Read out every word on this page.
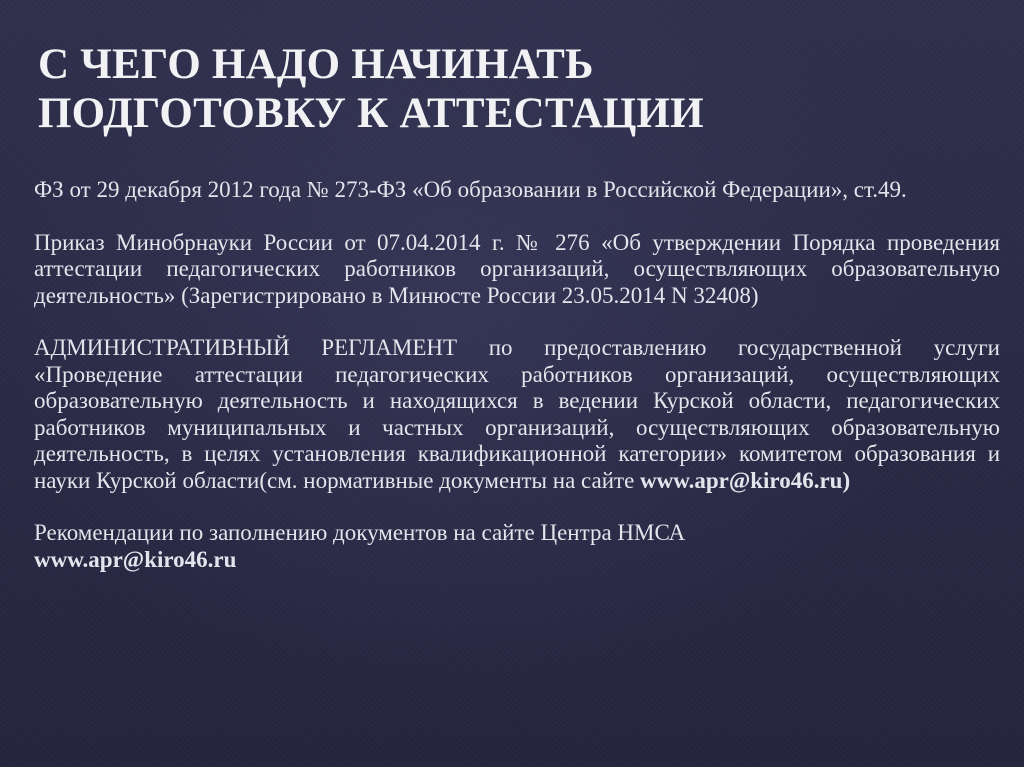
С ЧЕГО НАДО НАЧИНАТЬ
ПОДГОТОВКУ К АТТЕСТАЦИИ

ФЗ от 29 декабря 2012 года № 273-ФЗ «Об образовании в Российской Федерации», ст.49.

Приказ Минобрнауки России от 07.04.2014 г. № 276 «Об утверждении Порядка проведения аттестации педагогических работников организаций, осуществляющих образовательную деятельность» (Зарегистрировано в Минюсте России 23.05.2014 N 32408)

АДМИНИСТРАТИВНЫЙ РЕГЛАМЕНТ по предоставлению государственной услуги «Проведение аттестации педагогических работников организаций, осуществляющих образовательную деятельность и находящихся в ведении Курской области, педагогических работников муниципальных и частных организаций, осуществляющих образовательную деятельность, в целях установления квалификационной категории» комитетом образования и науки Курской области(см. нормативные документы на сайте www.apr@kiro46.ru)

Рекомендации по заполнению документов на сайте Центра НМСА
www.apr@kiro46.ru
